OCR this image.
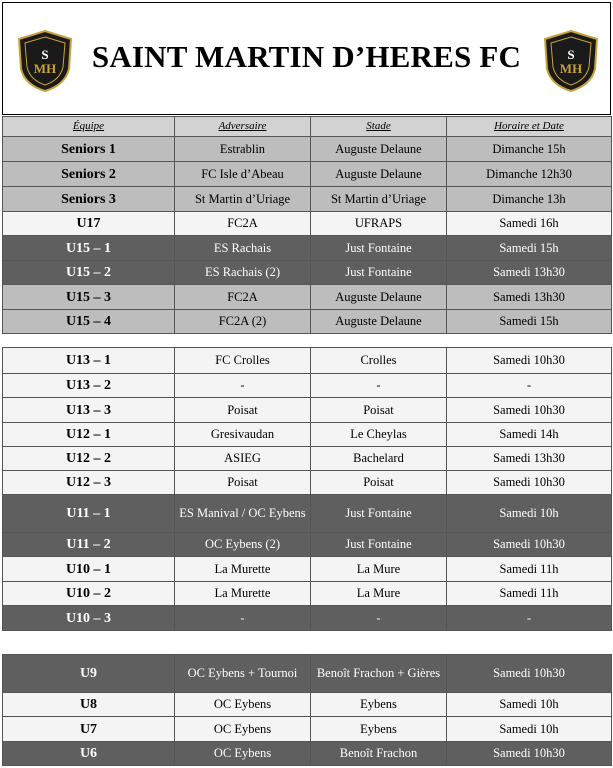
S
MH	SAINT MARTIN D’HERES FC	S
MH
Équipe	Adversaire	Stade	Horaire et Date
Seniors 1	Estrablin	Auguste Delaune	Dimanche 15h
Seniors 2	FC Isle d’Abeau	Auguste Delaune	Dimanche 12h30
Seniors 3	St Martin d’Uriage	St Martin d’Uriage	Dimanche 13h
U17	FC2A	UFRAPS	Samedi 16h
U15 – 1	ES Rachais	Just Fontaine	Samedi 15h
U15 – 2	ES Rachais (2)	Just Fontaine	Samedi 13h30
U15 – 3	FC2A	Auguste Delaune	Samedi 13h30
U15 – 4	FC2A (2)	Auguste Delaune	Samedi 15h
U13 – 1	FC Crolles	Crolles	Samedi 10h30
U13 – 2	-	-	-
U13 – 3	Poisat	Poisat	Samedi 10h30
U12 – 1	Gresivaudan	Le Cheylas	Samedi 14h
U12 – 2	ASIEG	Bachelard	Samedi 13h30
U12 – 3	Poisat	Poisat	Samedi 10h30
U11 – 1	ES Manival / OC Eybens	Just Fontaine	Samedi 10h
U11 – 2	OC Eybens (2)	Just Fontaine	Samedi 10h30
U10 – 1	La Murette	La Mure	Samedi 11h
U10 – 2	La Murette	La Mure	Samedi 11h
U10 – 3	-	-	-
U9	OC Eybens + Tournoi	Benoît Frachon + Gières	Samedi 10h30
U8	OC Eybens	Eybens	Samedi 10h
U7	OC Eybens	Eybens	Samedi 10h
U6	OC Eybens	Benoît Frachon	Samedi 10h30
